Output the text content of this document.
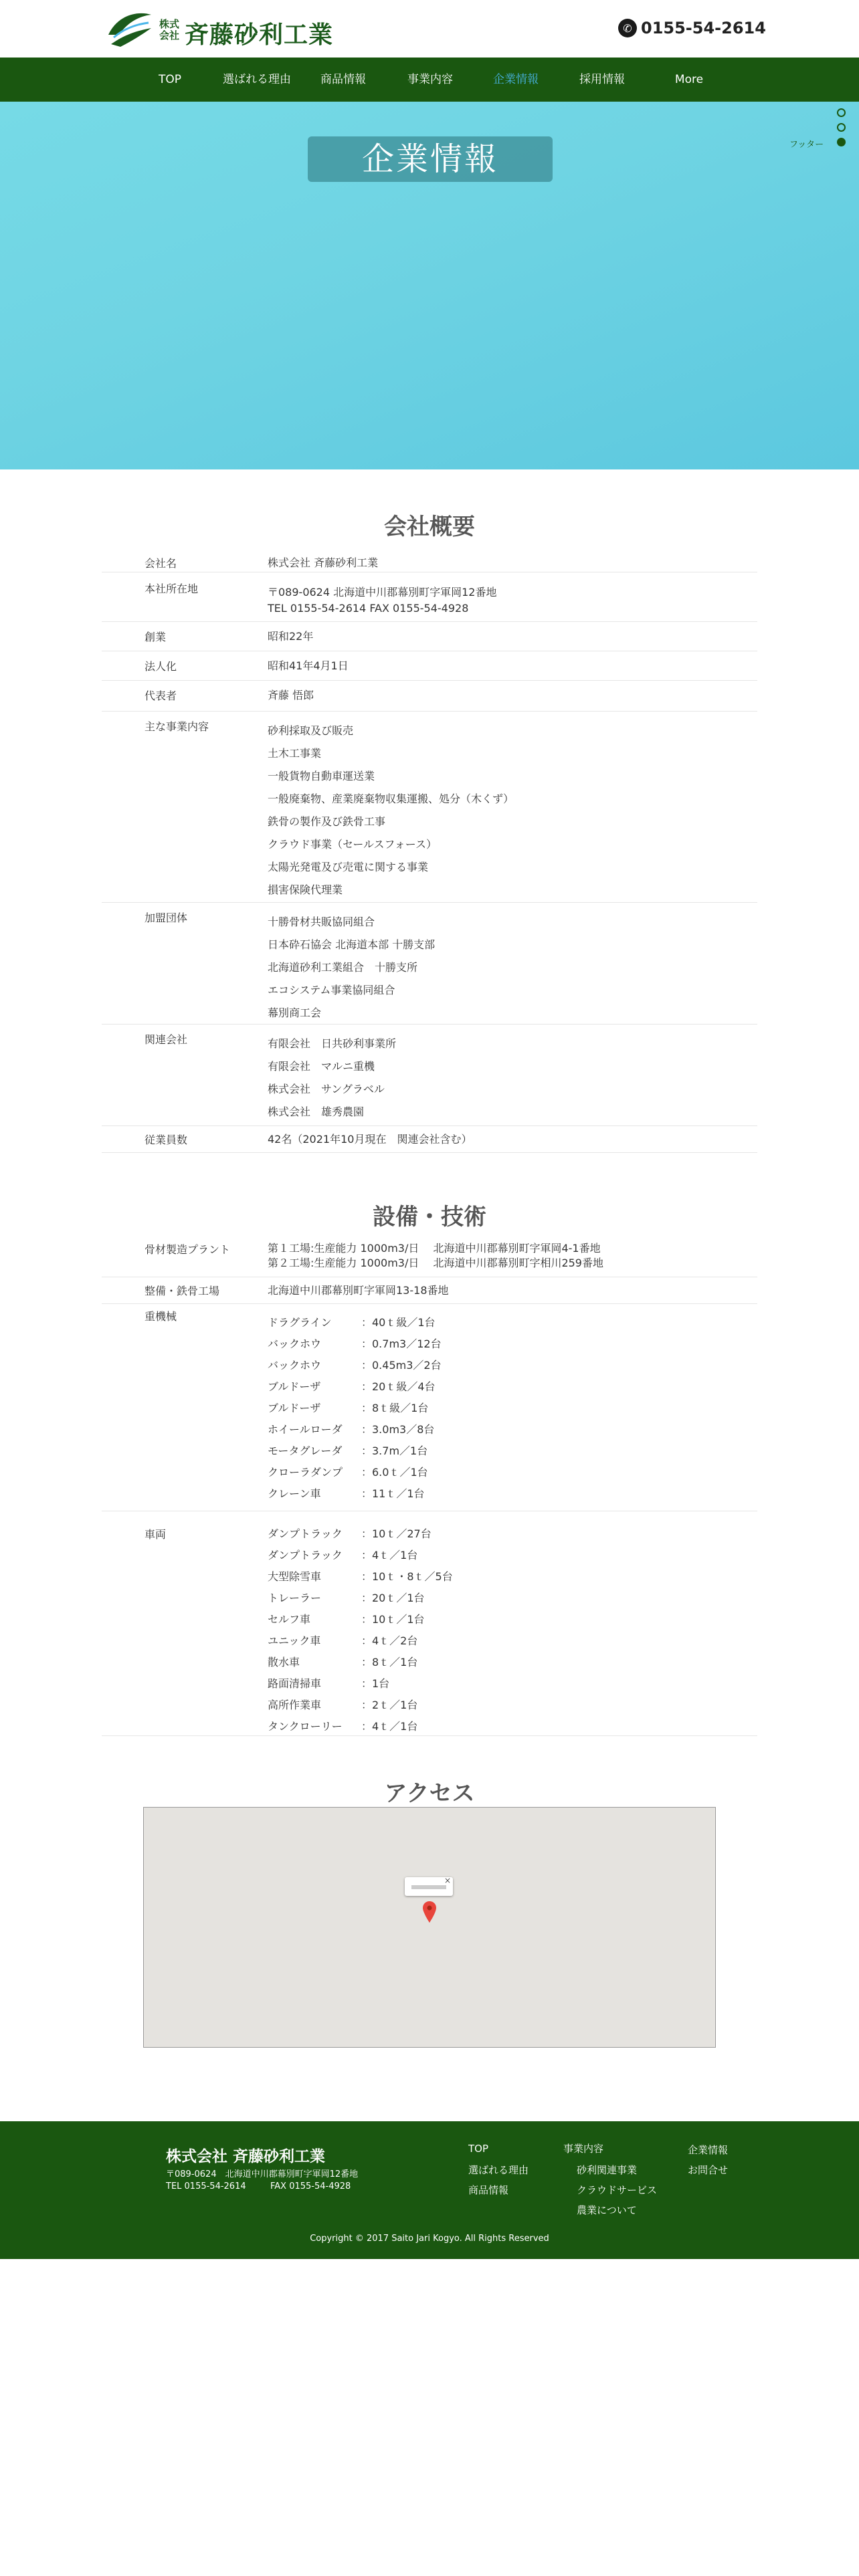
株式会社 斉藤砂利工業	✆ 0155-54-2614
TOP	選ばれる理由	商品情報	事業内容	企業情報	採用情報	More
企業情報	フッター
会社概要
会社名	株式会社 斉藤砂利工業
本社所在地	〒089-0624 北海道中川郡幕別町字軍岡12番地
TEL 0155-54-2614 FAX 0155-54-4928
創業	昭和22年
法人化	昭和41年4月1日
代表者	斉藤 悟郎
主な事業内容	砂利採取及び販売
土木工事業
一般貨物自動車運送業
一般廃棄物、産業廃棄物収集運搬、処分（木くず）
鉄骨の製作及び鉄骨工事
クラウド事業（セールスフォース）
太陽光発電及び売電に関する事業
損害保険代理業
加盟団体	十勝骨材共販協同組合
日本砕石協会 北海道本部 十勝支部
北海道砂利工業組合　十勝支所
エコシステム事業協同組合
幕別商工会
関連会社	有限会社　日共砂利事業所
有限会社　マルニ重機
株式会社　サングラベル
株式会社　雄秀農園
従業員数	42名（2021年10月現在　関連会社含む）
設備・技術
骨材製造プラント	第１工場:生産能力 1000m3/日　 北海道中川郡幕別町字軍岡4-1番地
第２工場:生産能力 1000m3/日　 北海道中川郡幕別町字相川259番地
整備・鉄骨工場	北海道中川郡幕別町字軍岡13-18番地
重機械	ドラグライン	：40ｔ級／1台
バックホウ	：0.7m3／12台
バックホウ	：0.45m3／2台
ブルドーザ	：20ｔ級／4台
ブルドーザ	：8ｔ級／1台
ホイールローダ	：3.0m3／8台
モータグレーダ	：3.7m／1台
クローラダンプ	：6.0ｔ／1台
クレーン車	：11ｔ／1台
車両	ダンプトラック	：10ｔ／27台
ダンプトラック	：4ｔ／1台
大型除雪車	：10ｔ・8ｔ／5台
トレーラー	：20ｔ／1台
セルフ車	：10ｔ／1台
ユニック車	：4ｔ／2台
散水車	：8ｔ／1台
路面清掃車	：1台
高所作業車	：2ｔ／1台
タンクローリー	：4ｔ／1台
アクセス
×
株式会社 斉藤砂利工業
〒089-0624　北海道中川郡幕別町字軍岡12番地
TEL 0155-54-2614	FAX 0155-54-4928
TOP
選ばれる理由
商品情報
事業内容
砂利関連事業
クラウドサービス
農業について
企業情報
お問合せ
Copyright © 2017 Saito Jari Kogyo. All Rights Reserved
